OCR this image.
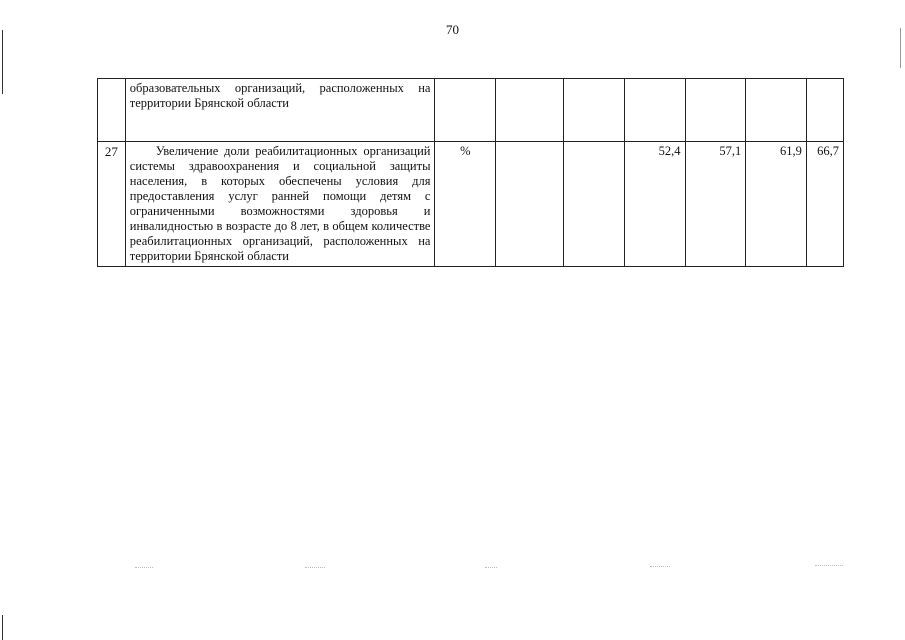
70
	образовательных организаций, расположенных на территории Брянской области							
27	Увеличение доли реабилитационных организаций системы здравоохранения и социальной защиты населения, в которых обеспечены условия для предоставления услуг ранней помощи детям с ограниченными возможностями здоровья и инвалидностью в возрасте до 8 лет, в общем количестве реабилитационных организаций, расположенных на территории Брянской области	%			52,4	57,1	61,9	66,7
